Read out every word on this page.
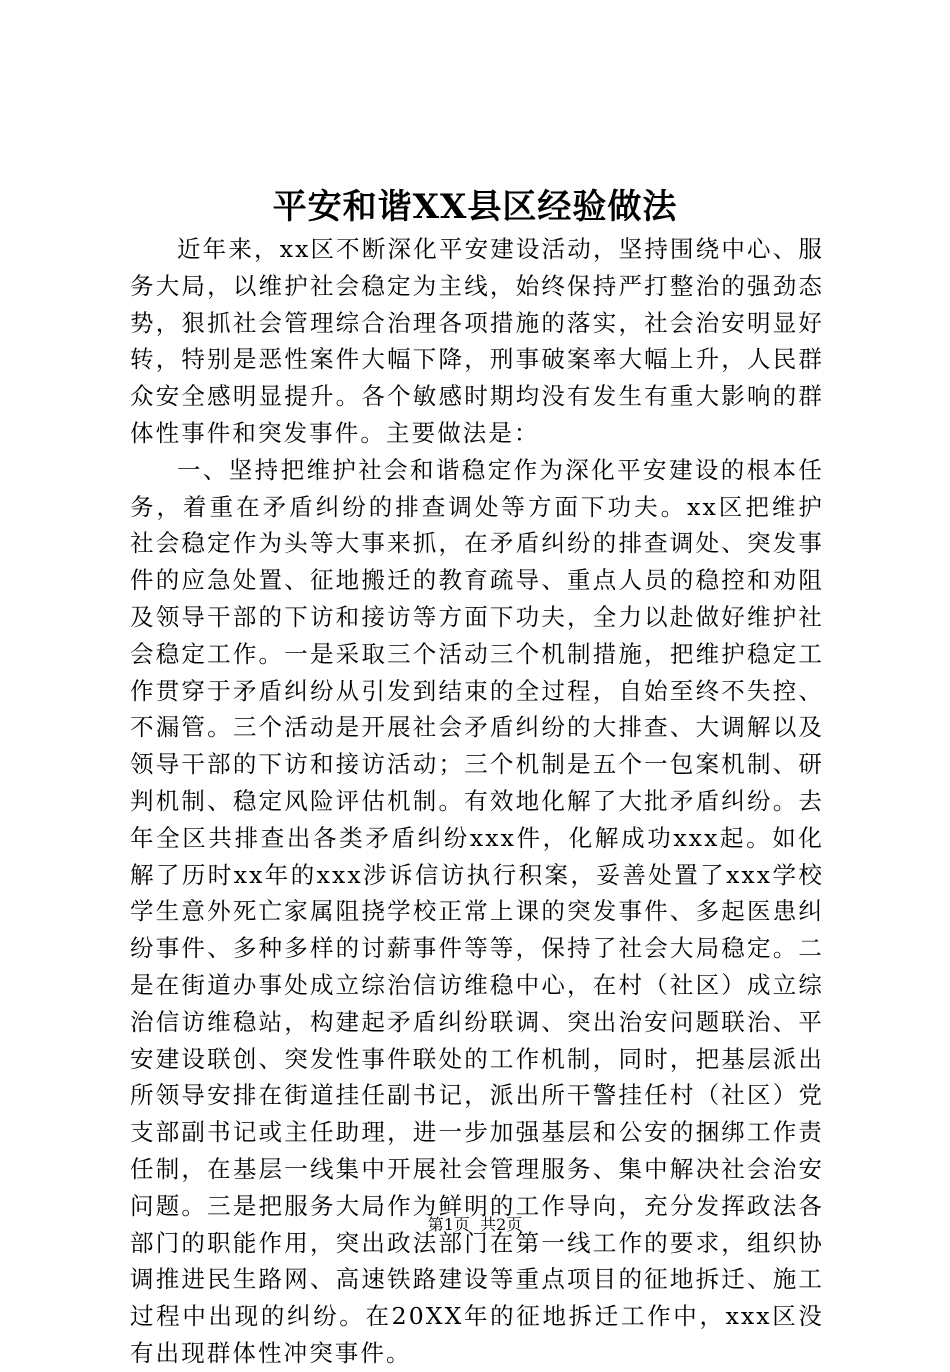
平安和谐XX县区经验做法

近年来，xx区不断深化平安建设活动，坚持围绕中心、服务大局，以维护社会稳定为主线，始终保持严打整治的强劲态势，狠抓社会管理综合治理各项措施的落实，社会治安明显好转，特别是恶性案件大幅下降，刑事破案率大幅上升，人民群众安全感明显提升。各个敏感时期均没有发生有重大影响的群体性事件和突发事件。主要做法是：

一、坚持把维护社会和谐稳定作为深化平安建设的根本任务，着重在矛盾纠纷的排查调处等方面下功夫。xx区把维护社会稳定作为头等大事来抓，在矛盾纠纷的排查调处、突发事件的应急处置、征地搬迁的教育疏导、重点人员的稳控和劝阻及领导干部的下访和接访等方面下功夫，全力以赴做好维护社会稳定工作。一是采取三个活动三个机制措施，把维护稳定工作贯穿于矛盾纠纷从引发到结束的全过程，自始至终不失控、不漏管。三个活动是开展社会矛盾纠纷的大排查、大调解以及领导干部的下访和接访活动；三个机制是五个一包案机制、研判机制、稳定风险评估机制。有效地化解了大批矛盾纠纷。去年全区共排查出各类矛盾纠纷xxx件，化解成功xxx起。如化解了历时xx年的xxx涉诉信访执行积案，妥善处置了xxx学校学生意外死亡家属阻挠学校正常上课的突发事件、多起医患纠纷事件、多种多样的讨薪事件等等，保持了社会大局稳定。二是在街道办事处成立综治信访维稳中心，在村（社区）成立综治信访维稳站，构建起矛盾纠纷联调、突出治安问题联治、平安建设联创、突发性事件联处的工作机制，同时，把基层派出所领导安排在街道挂任副书记，派出所干警挂任村（社区）党支部副书记或主任助理，进一步加强基层和公安的捆绑工作责任制，在基层一线集中开展社会管理服务、集中解决社会治安问题。三是把服务大局作为鲜明的工作导向，充分发挥政法各部门的职能作用，突出政法部门在第一线工作的要求，组织协调推进民生路网、高速铁路建设等重点项目的征地拆迁、施工过程中出现的纠纷。在20XX年的征地拆迁工作中，xxx区没有出现群体性冲突事件。

第1页 共2页
